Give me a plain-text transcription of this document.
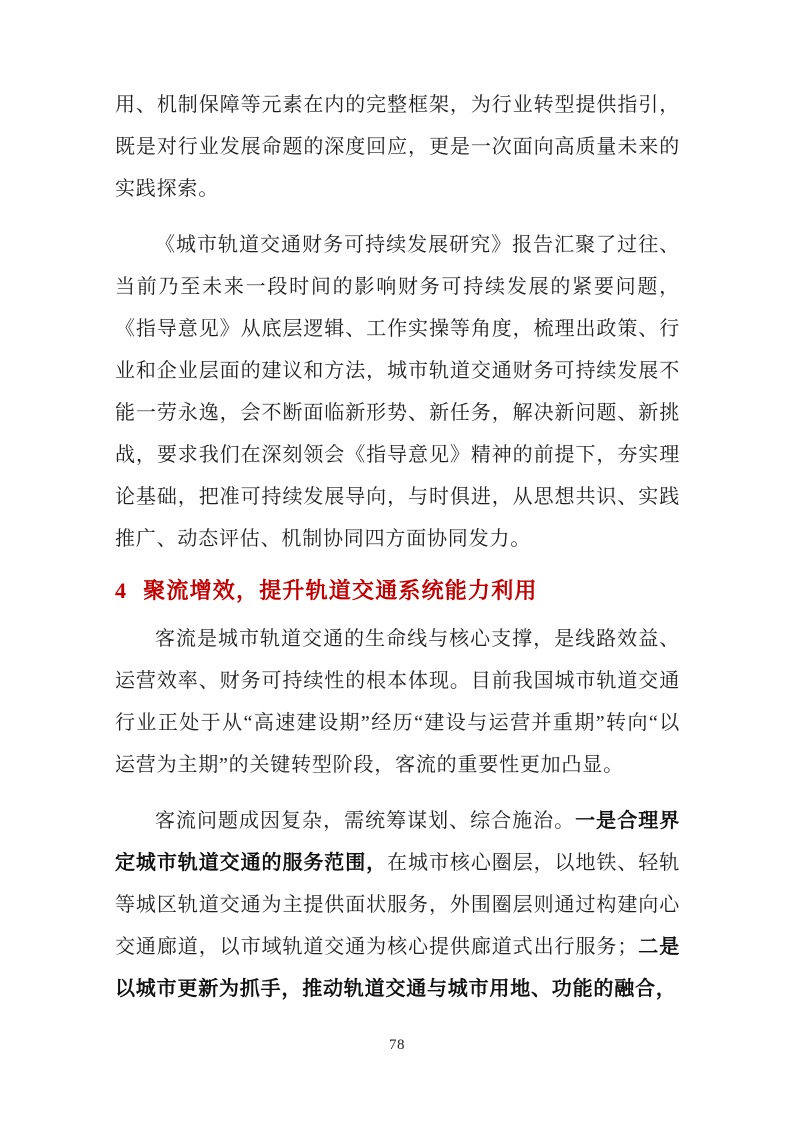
用、机制保障等元素在内的完整框架，为行业转型提供指引，既是对行业发展命题的深度回应，更是一次面向高质量未来的实践探索。

《城市轨道交通财务可持续发展研究》报告汇聚了过往、当前乃至未来一段时间的影响财务可持续发展的紧要问题，《指导意见》从底层逻辑、工作实操等角度，梳理出政策、行业和企业层面的建议和方法，城市轨道交通财务可持续发展不能一劳永逸，会不断面临新形势、新任务，解决新问题、新挑战，要求我们在深刻领会《指导意见》精神的前提下，夯实理论基础，把准可持续发展导向，与时俱进，从思想共识、实践推广、动态评估、机制协同四方面协同发力。

4 聚流增效，提升轨道交通系统能力利用

客流是城市轨道交通的生命线与核心支撑，是线路效益、运营效率、财务可持续性的根本体现。目前我国城市轨道交通行业正处于从“高速建设期”经历“建设与运营并重期”转向“以运营为主期”的关键转型阶段，客流的重要性更加凸显。

客流问题成因复杂，需统筹谋划、综合施治。一是合理界定城市轨道交通的服务范围，在城市核心圈层，以地铁、轻轨等城区轨道交通为主提供面状服务，外围圈层则通过构建向心交通廊道，以市域轨道交通为核心提供廊道式出行服务；二是以城市更新为抓手，推动轨道交通与城市用地、功能的融合，

78
